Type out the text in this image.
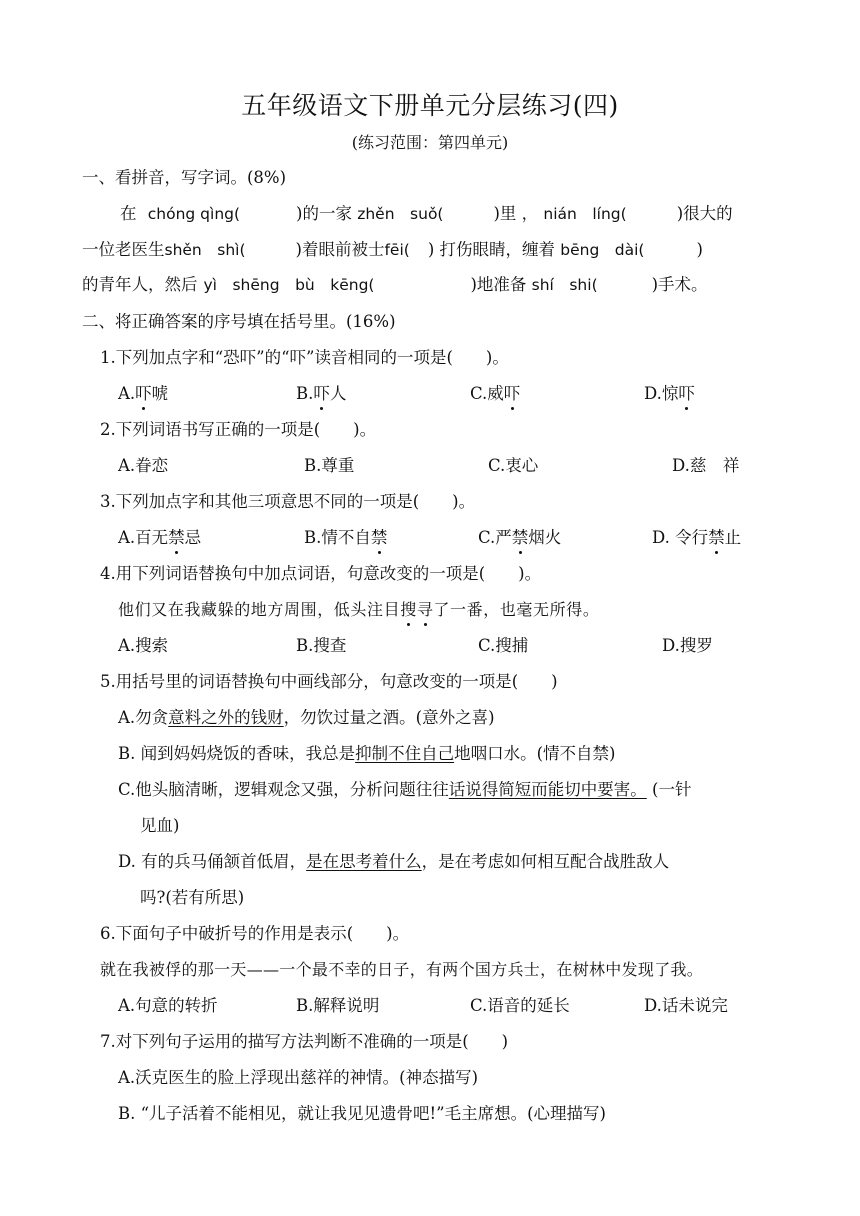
五年级语文下册单元分层练习(四)
(练习范围：第四单元)
一、看拼音，写字词。(8%)
在 chóng qìng(	)的一家 zhěn　suǒ(	)里 ， nián　líng(	)很大的
一位老医生shěn　shì(	)着眼前被士fēi( ) 打伤眼睛，缠着 bēng　dài(	)
的青年人，然后 yì　shēng　bù　kēng(	)地准备 shí　shi(	)手术。
二、将正确答案的序号填在括号里。(16%)
1.下列加点字和“恐吓”的“吓”读音相同的一项是(　　)。
A.吓唬	B.吓人	C.威吓	D.惊吓
2.下列词语书写正确的一项是(　　)。
A.眷恋	B.尊重	C.衷心	D.慈　祥
3.下列加点字和其他三项意思不同的一项是(　　)。
A.百无禁忌	B.情不自禁	C.严禁烟火	D. 令行禁止
4.用下列词语替换句中加点词语，句意改变的一项是(　　)。
他们又在我藏躲的地方周围，低头注目搜寻了一番，也毫无所得。
A.搜索	B.搜查	C.搜捕	D.搜罗
5.用括号里的词语替换句中画线部分，句意改变的一项是(　　)
A.勿贪意料之外的钱财，勿饮过量之酒。(意外之喜)
B. 闻到妈妈烧饭的香味，我总是抑制不住自己地咽口水。(情不自禁)
C.他头脑清晰，逻辑观念又强，分析问题往往话说得简短而能切中要害。 (一针
见血)
D. 有的兵马俑颔首低眉，是在思考着什么，是在考虑如何相互配合战胜敌人
吗?(若有所思)
6.下面句子中破折号的作用是表示(　　)。
就在我被俘的那一天——一个最不幸的日子，有两个国方兵士，在树林中发现了我。
A.句意的转折	B.解释说明	C.语音的延长	D.话未说完
7.对下列句子运用的描写方法判断不准确的一项是(　　)
A.沃克医生的脸上浮现出慈祥的神情。(神态描写)
B. “儿子活着不能相见，就让我见见遗骨吧!”毛主席想。(心理描写)
